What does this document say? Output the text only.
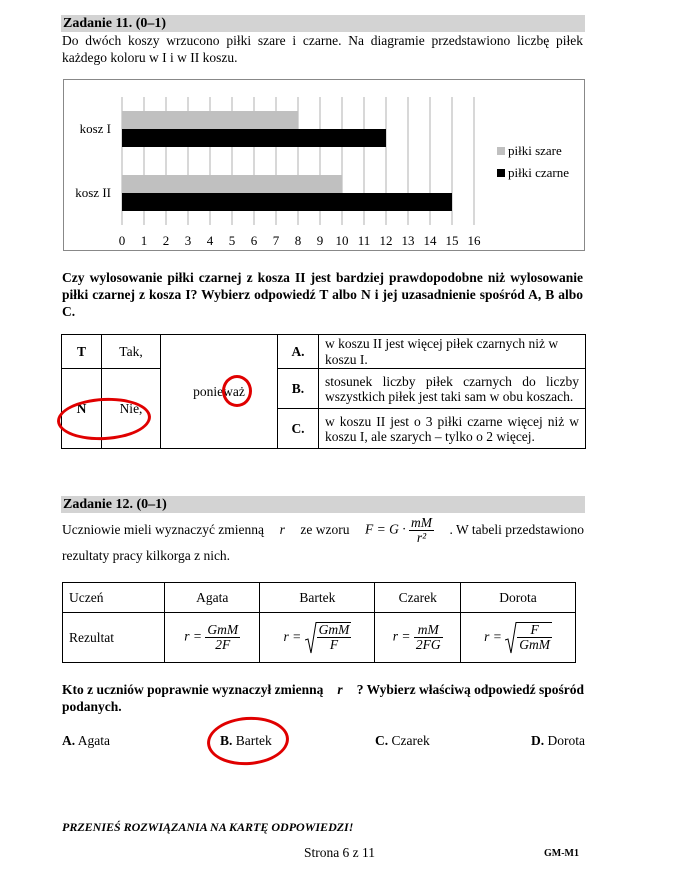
Zadanie 11. (0–1)
Do dwóch koszy wrzucono piłki szare i czarne. Na diagramie przedstawiono liczbę piłek
każdego koloru w I i w II koszu.
0 1 2 3 4 5 6 7 8 9 10 11 12 13 14 15 16
kosz I
kosz II
piłki szare
piłki czarne
Czy wylosowanie piłki czarnej z kosza II jest bardziej prawdopodobne niż wylosowanie
piłki czarnej z kosza I? Wybierz odpowiedź T albo N i jej uzasadnienie spośród A, B albo
C.
T	Tak,	ponieważ	A.	w koszu II jest więcej piłek czarnych niż w koszu I.
N	Nie,		B.	stosunek liczby piłek czarnych do liczby wszystkich piłek jest taki sam w obu koszach.
			C.	w koszu II jest o 3 piłki czarne więcej niż w koszu I, ale szarych – tylko o 2 więcej.
Zadanie 12. (0–1)
Uczniowie mieli wyznaczyć zmienną r ze wzoru $F = G \cdot \frac{mM}{\text{r²}}$ . W tabeli przedstawiono
rezultaty pracy kilkorga z nich.
Uczeń	Agata	Bartek	Czarek	Dorota
Rezultat	$r = \frac{\text{GmM}}{2F}$	$r = \frac{\text{GmM}}{F}$	$r = \frac{mM}{2FG}$	$r = \frac{F}{\text{GmM}}$
Kto z uczniów poprawnie wyznaczył zmienną r ? Wybierz właściwą odpowiedź spośród
podanych.
A. Agata	B. Bartek	C. Czarek	D. Dorota
PRZENIEŚ ROZWIĄZANIA NA KARTĘ ODPOWIEDZI!
Strona 6 z 11	GM-M1
